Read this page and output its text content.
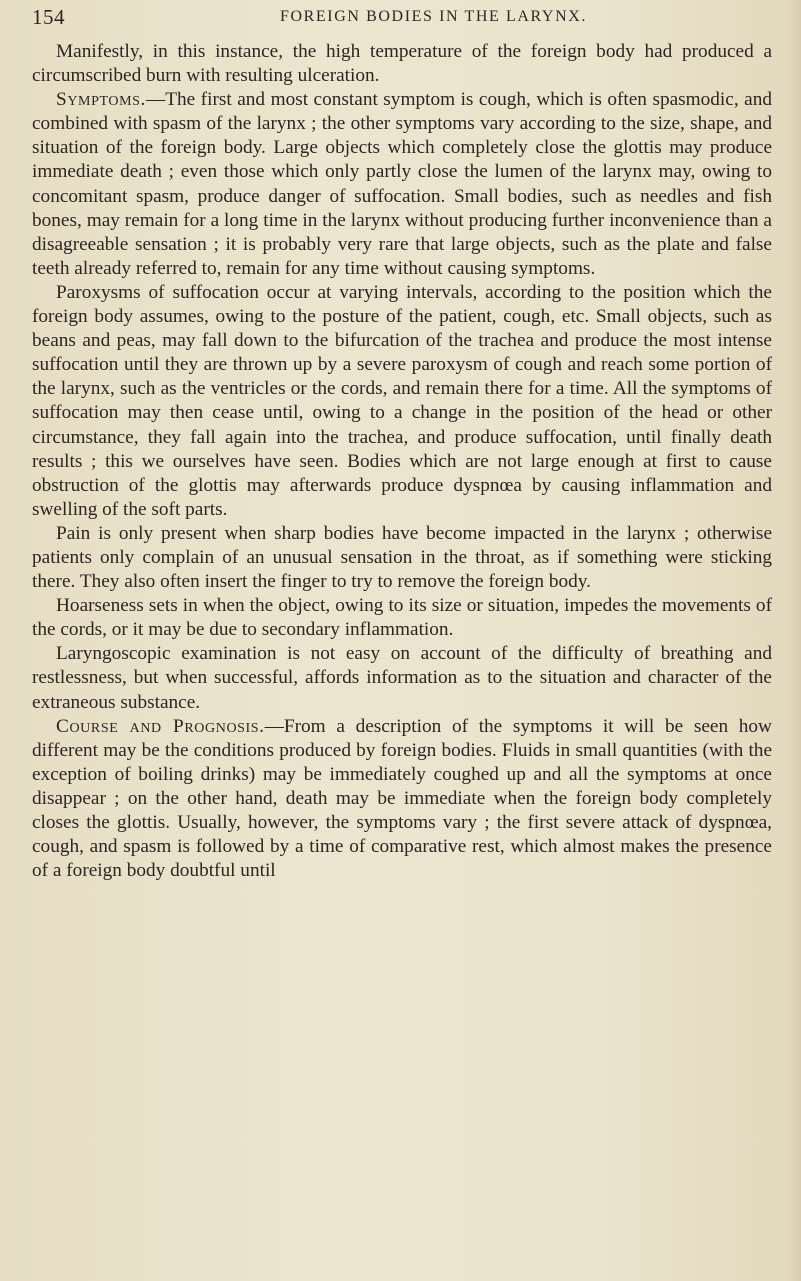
154	FOREIGN BODIES IN THE LARYNX.

Manifestly, in this instance, the high temperature of the foreign body had produced a circumscribed burn with resulting ulceration.

Symptoms.—The first and most constant symptom is cough, which is often spasmodic, and combined with spasm of the larynx ; the other symptoms vary according to the size, shape, and situation of the foreign body. Large objects which completely close the glottis may produce immediate death ; even those which only partly close the lumen of the larynx may, owing to concomitant spasm, produce danger of suffocation. Small bodies, such as needles and fish bones, may remain for a long time in the larynx without producing further inconvenience than a disagreeable sensation ; it is probably very rare that large objects, such as the plate and false teeth already referred to, remain for any time without causing symptoms.

Paroxysms of suffocation occur at varying intervals, according to the position which the foreign body assumes, owing to the posture of the patient, cough, etc. Small objects, such as beans and peas, may fall down to the bifurcation of the trachea and produce the most intense suffocation until they are thrown up by a severe paroxysm of cough and reach some portion of the larynx, such as the ventricles or the cords, and remain there for a time. All the symptoms of suffocation may then cease until, owing to a change in the position of the head or other circumstance, they fall again into the trachea, and produce suffocation, until finally death results ; this we ourselves have seen. Bodies which are not large enough at first to cause obstruction of the glottis may afterwards produce dyspnœa by causing inflammation and swelling of the soft parts.

Pain is only present when sharp bodies have become impacted in the larynx ; otherwise patients only complain of an unusual sensation in the throat, as if something were sticking there. They also often insert the finger to try to remove the foreign body.

Hoarseness sets in when the object, owing to its size or situation, impedes the movements of the cords, or it may be due to secondary inflammation.

Laryngoscopic examination is not easy on account of the difficulty of breathing and restlessness, but when successful, affords information as to the situation and character of the extraneous substance.

Course and Prognosis.—From a description of the symptoms it will be seen how different may be the conditions produced by foreign bodies. Fluids in small quantities (with the exception of boiling drinks) may be immediately coughed up and all the symptoms at once disappear ; on the other hand, death may be immediate when the foreign body completely closes the glottis. Usually, however, the symptoms vary ; the first severe attack of dyspnœa, cough, and spasm is followed by a time of comparative rest, which almost makes the presence of a foreign body doubtful until
